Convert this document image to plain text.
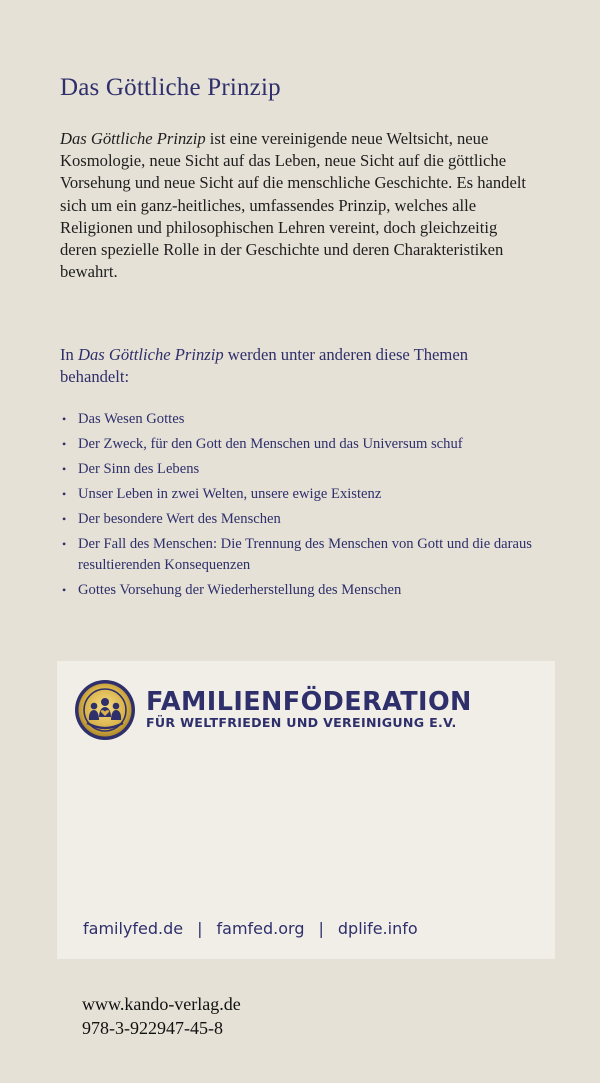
Das Göttliche Prinzip

Das Göttliche Prinzip ist eine vereinigende neue Weltsicht, neue Kosmologie, neue Sicht auf das Leben, neue Sicht auf die göttliche Vorsehung und neue Sicht auf die menschliche Geschichte. Es handelt sich um ein ganz-heitliches, umfassendes Prinzip, welches alle Religionen und philosophischen Lehren vereint, doch gleichzeitig deren spezielle Rolle in der Geschichte und deren Charakteristiken bewahrt.

In Das Göttliche Prinzip werden unter anderen diese Themen behandelt:

• Das Wesen Gottes
• Der Zweck, für den Gott den Menschen und das Universum schuf
• Der Sinn des Lebens
• Unser Leben in zwei Welten, unsere ewige Existenz
• Der besondere Wert des Menschen
• Der Fall des Menschen: Die Trennung des Menschen von Gott und die daraus resultierenden Konsequenzen
• Gottes Vorsehung der Wiederherstellung des Menschen
FAMILIENFÖDERATION
FÜR WELTFRIEDEN UND VEREINIGUNG E.V.
familyfed.de | famfed.org | dplife.info
www.kando-verlag.de
978-3-922947-45-8
